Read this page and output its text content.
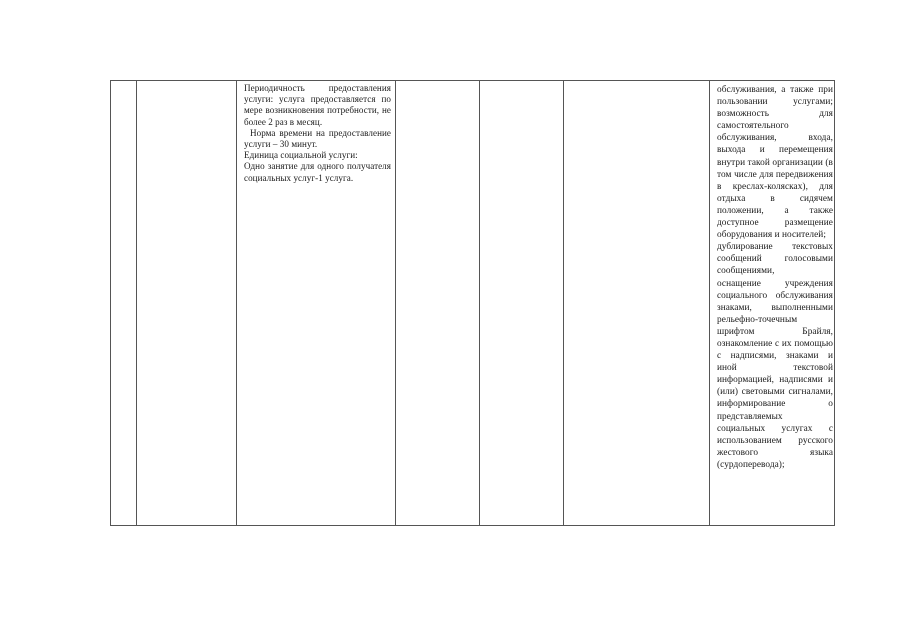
Периодичность предоставления услуги: услуга предоставляется по мере возникновения потребности, не более 2 раз в месяц.

Норма времени на предоставление услуги – 30 минут.

Единица социальной услуги:

Одно занятие для одного получателя социальных услуг-1 услуга.

обслуживания, а также при пользовании услугами; возможность для самостоятельного обслуживания, входа, выхода и перемещения внутри такой организации (в том числе для передвижения в креслах-колясках), для отдыха в сидячем положении, а также доступное размещение оборудования и носителей;

дублирование текстовых сообщений голосовыми сообщениями,

оснащение учреждения социального обслуживания знаками, выполненными рельефно-точечным шрифтом Брайля, ознакомление с их помощью с надписями, знаками и иной текстовой информацией, надписями и (или) световыми сигналами, информирование о представляемых социальных услугах с использованием русского жестового языка (сурдоперевода);
